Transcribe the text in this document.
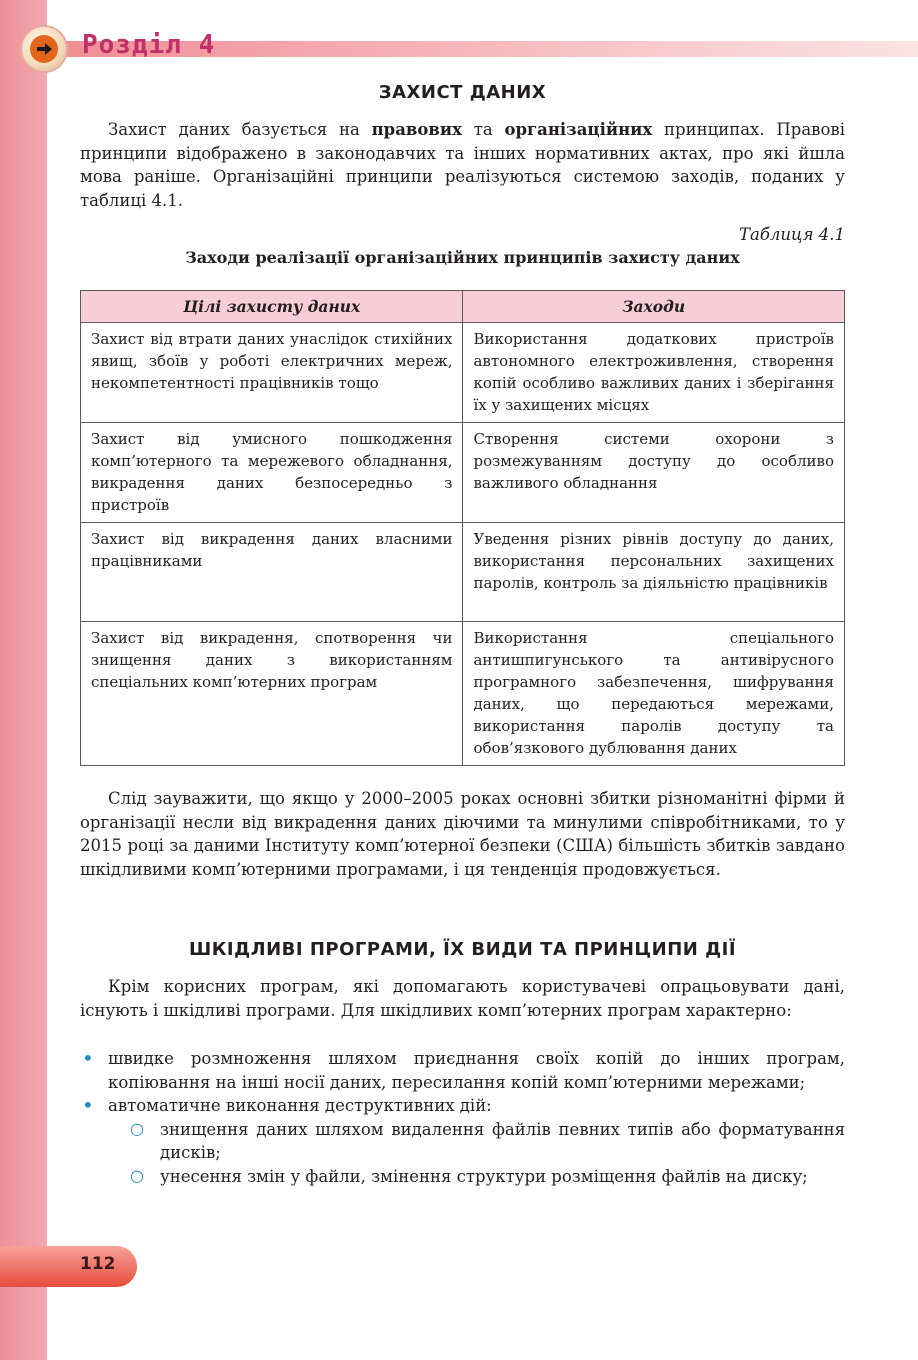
Розділ 4
ЗАХИСТ ДАНИХ

Захист даних базується на правових та організаційних принципах. Правові принципи відображено в законодавчих та інших нормативних актах, про які йшла мова раніше. Організаційні принципи реалізуються системою заходів, поданих у таблиці 4.1.

Таблиця 4.1
Заходи реалізації організаційних принципів захисту даних
Цілі захисту даних	Заходи
Захист від втрати даних унаслідок стихійних явищ, збоїв у роботі електричних мереж, некомпетентності працівників тощо	Використання додаткових пристроїв автономного електроживлення, створення копій особливо важливих даних і зберігання їх у захищених місцях
Захист від умисного пошкодження комп’ютерного та мережевого обладнання, викрадення даних безпосередньо з пристроїв	Створення системи охорони з розмежуванням доступу до особливо важливого обладнання
Захист від викрадення даних власними працівниками	Уведення різних рівнів доступу до даних, використання персональних захищених паролів, контроль за діяльністю працівників
Захист від викрадення, спотворення чи знищення даних з використанням спеціальних комп’ютерних програм	Використання спеціального антишпигунського та антивірусного програмного забезпечення, шифрування даних, що передаються мережами, використання паролів доступу та обов’язкового дублювання даних

Слід зауважити, що якщо у 2000–2005 роках основні збитки різноманітні фірми й організації несли від викрадення даних діючими та минулими співробітниками, то у 2015 році за даними Інституту комп’ютерної безпеки (США) більшість збитків завдано шкідливими комп’ютерними програмами, і ця тенденція продовжується.

ШКІДЛИВІ ПРОГРАМИ, ЇХ ВИДИ ТА ПРИНЦИПИ ДІЇ

Крім корисних програм, які допомагають користувачеві опрацьовувати дані, існують і шкідливі програми. Для шкідливих комп’ютерних програм характерно:

• швидке розмноження шляхом приєднання своїх копій до інших програм, копіювання на інші носії даних, пересилання копій комп’ютерними мережами;
• автоматичне виконання деструктивних дій:
○ знищення даних шляхом видалення файлів певних типів або форматування дисків;
○ унесення змін у файли, змінення структури розміщення файлів на диску;
112
